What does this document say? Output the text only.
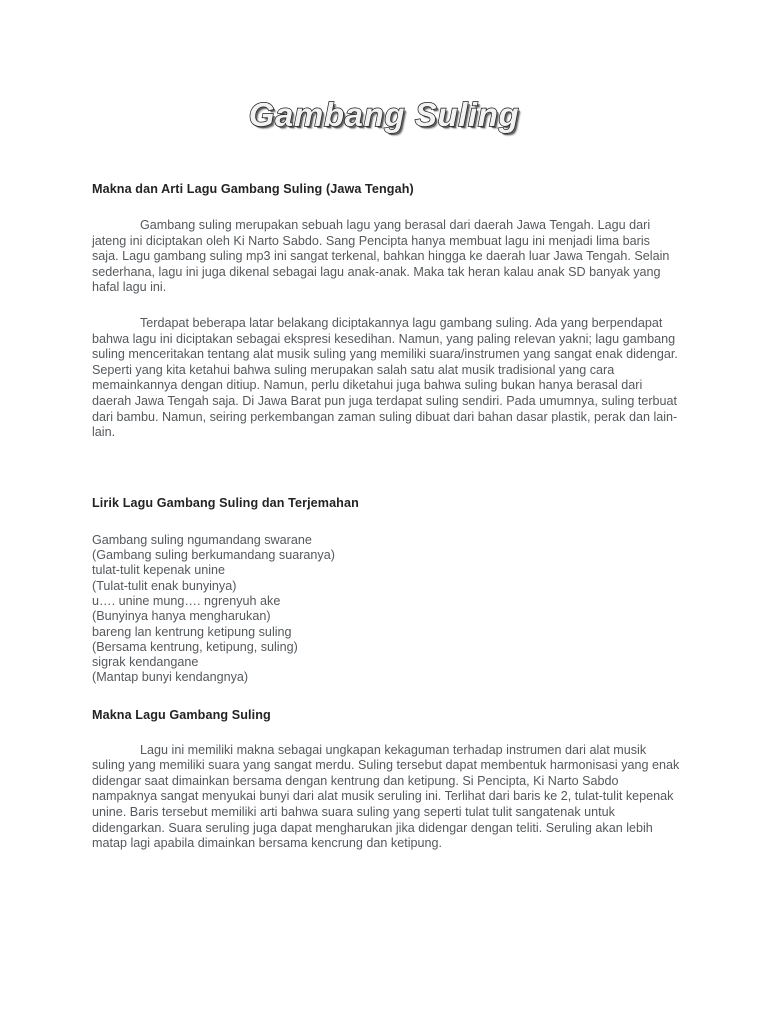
Gambang Suling
Makna dan Arti Lagu Gambang Suling (Jawa Tengah)

Gambang suling merupakan sebuah lagu yang berasal dari daerah Jawa Tengah. Lagu dari jateng ini diciptakan oleh Ki Narto Sabdo. Sang Pencipta hanya membuat lagu ini menjadi lima baris saja. Lagu gambang suling mp3 ini sangat terkenal, bahkan hingga ke daerah luar Jawa Tengah. Selain sederhana, lagu ini juga dikenal sebagai lagu anak-anak. Maka tak heran kalau anak SD banyak yang hafal lagu ini.

Terdapat beberapa latar belakang diciptakannya lagu gambang suling. Ada yang berpendapat bahwa lagu ini diciptakan sebagai ekspresi kesedihan. Namun, yang paling relevan yakni; lagu gambang suling menceritakan tentang alat musik suling yang memiliki suara/instrumen yang sangat enak didengar. Seperti yang kita ketahui bahwa suling merupakan salah satu alat musik tradisional yang cara memainkannya dengan ditiup. Namun, perlu diketahui juga bahwa suling bukan hanya berasal dari daerah Jawa Tengah saja. Di Jawa Barat pun juga terdapat suling sendiri. Pada umumnya, suling terbuat dari bambu. Namun, seiring perkembangan zaman suling dibuat dari bahan dasar plastik, perak dan lain-lain.

Lirik Lagu Gambang Suling dan Terjemahan

Gambang suling ngumandang swarane

(Gambang suling berkumandang suaranya)

tulat-tulit kepenak unine

(Tulat-tulit enak bunyinya)

u…. unine mung…. ngrenyuh ake

(Bunyinya hanya mengharukan)

bareng lan kentrung ketipung suling

(Bersama kentrung, ketipung, suling)

sigrak kendangane

(Mantap bunyi kendangnya)

Makna Lagu Gambang Suling

Lagu ini memiliki makna sebagai ungkapan kekaguman terhadap instrumen dari alat musik suling yang memiliki suara yang sangat merdu. Suling tersebut dapat membentuk harmonisasi yang enak didengar saat dimainkan bersama dengan kentrung dan ketipung. Si Pencipta, Ki Narto Sabdo nampaknya sangat menyukai bunyi dari alat musik seruling ini. Terlihat dari baris ke 2, tulat-tulit kepenak unine. Baris tersebut memiliki arti bahwa suara suling yang seperti tulat tulit sangatenak untuk didengarkan. Suara seruling juga dapat mengharukan jika didengar dengan teliti. Seruling akan lebih matap lagi apabila dimainkan bersama kencrung dan ketipung.
